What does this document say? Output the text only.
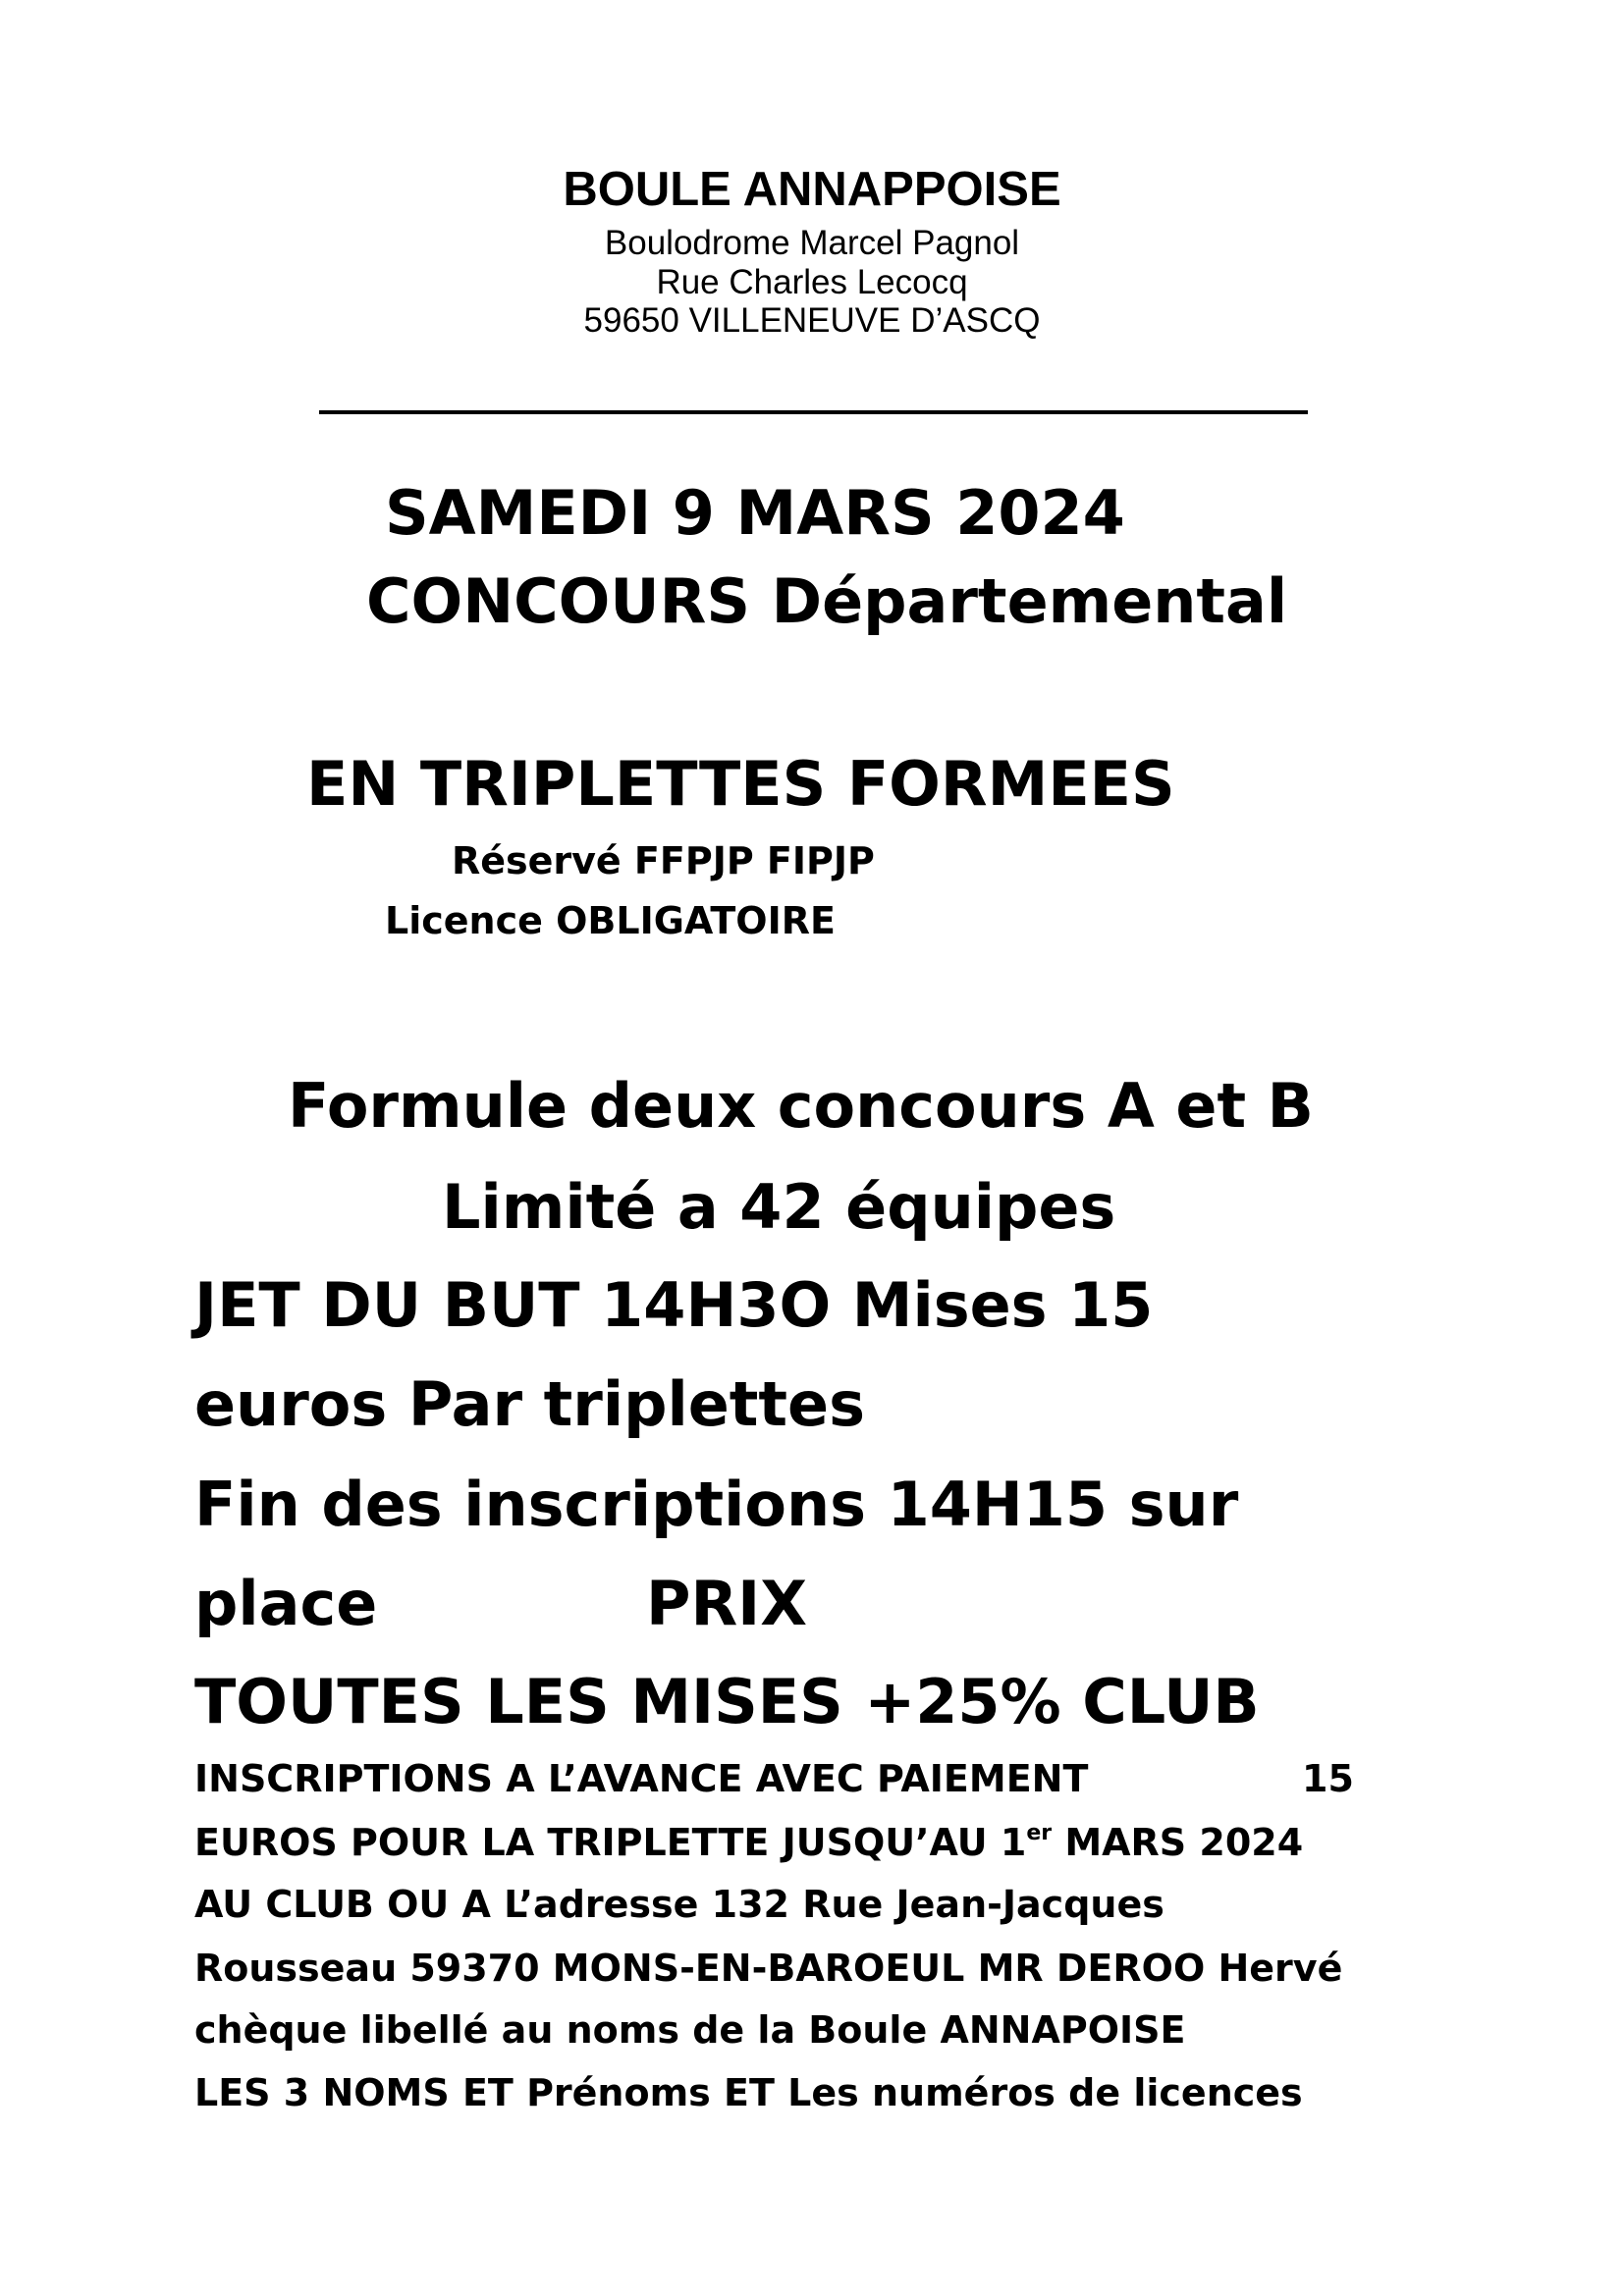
BOULE ANNAPPOISE
Boulodrome Marcel Pagnol
Rue Charles Lecocq
59650 VILLENEUVE D’ASCQ
SAMEDI 9 MARS 2024
CONCOURS Départemental
EN TRIPLETTES FORMEES
Réservé FFPJP FIPJP
Licence OBLIGATOIRE
Formule deux concours A et B
Limité a 42 équipes
JET DU BUT 14H3O Mises 15
euros Par triplettes
Fin des inscriptions 14H15 sur
place	PRIX
TOUTES LES MISES +25% CLUB
INSCRIPTIONS A L’AVANCE AVEC PAIEMENT	15
EUROS POUR LA TRIPLETTE JUSQU’AU 1er MARS 2024
AU CLUB OU A L’adresse 132 Rue Jean-Jacques
Rousseau 59370 MONS-EN-BAROEUL MR DEROO Hervé
chèque libellé au noms de la Boule ANNAPOISE
LES 3 NOMS ET Prénoms ET Les numéros de licences
